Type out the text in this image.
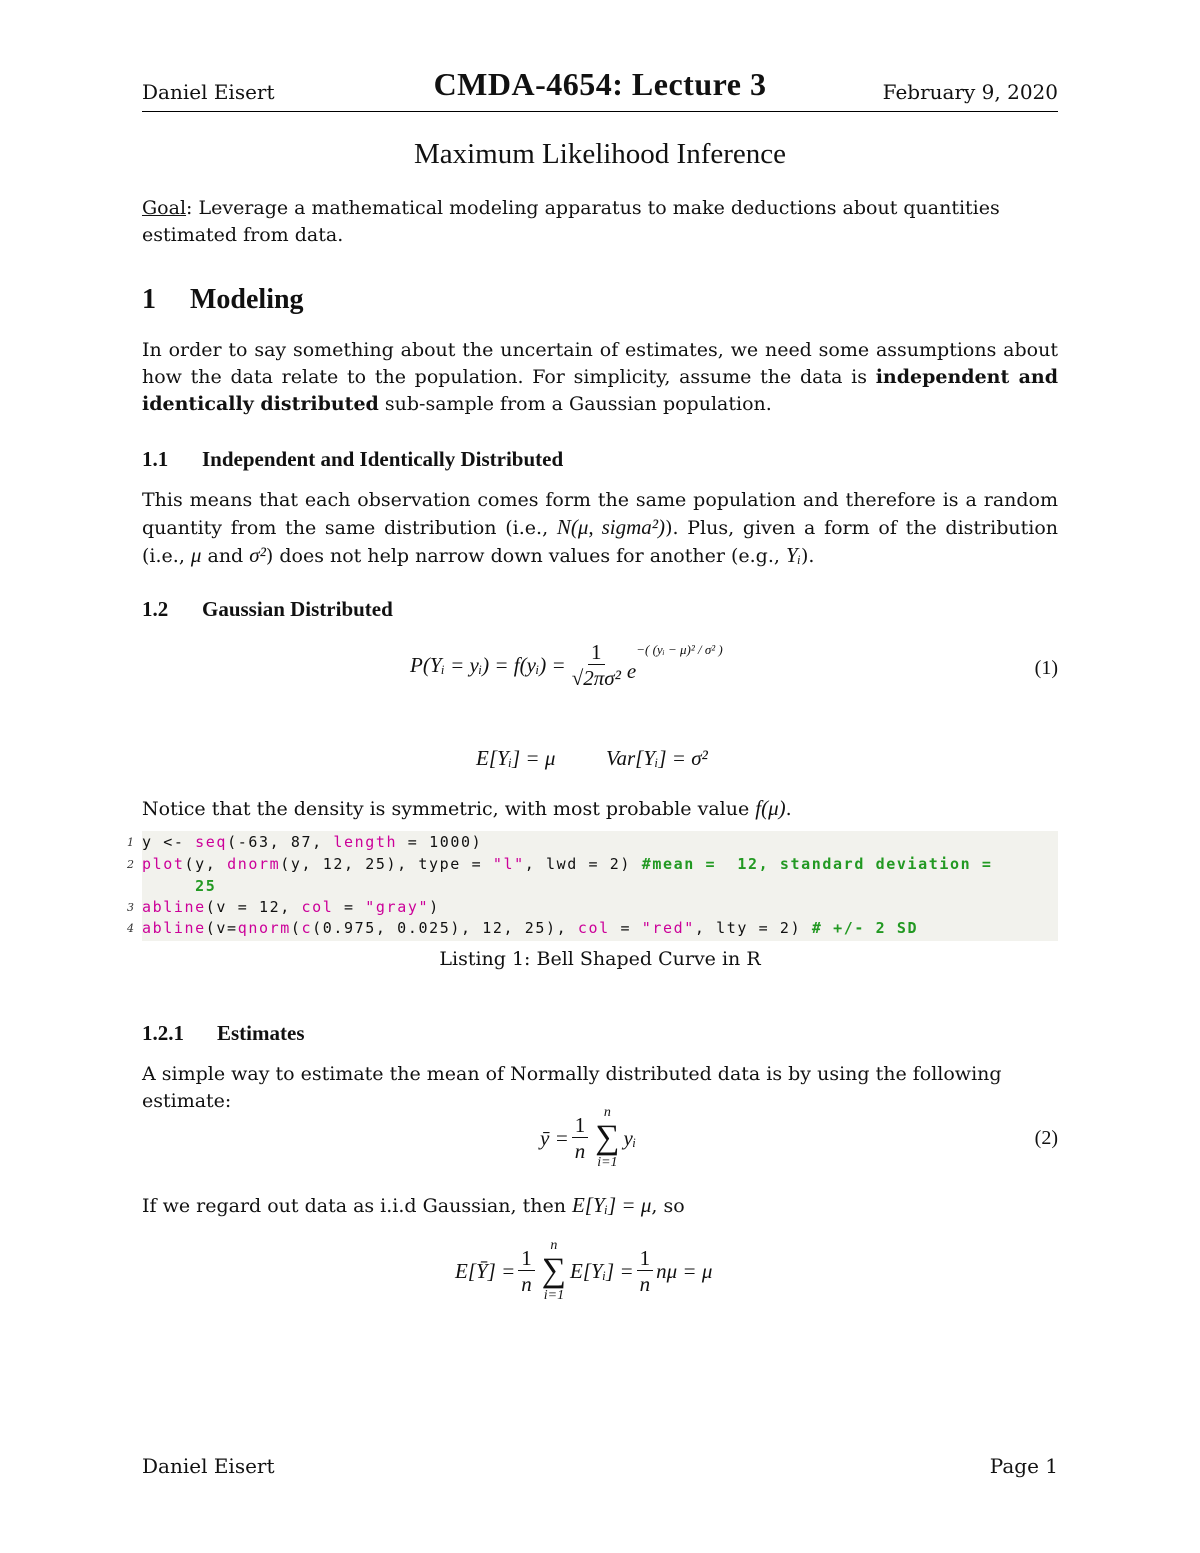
Daniel Eisert	CMDA-4654: Lecture 3	February 9, 2020
Maximum Likelihood Inference
Goal: Leverage a mathematical modeling apparatus to make deductions about quantities estimated from data.
1 Modeling
In order to say something about the uncertain of estimates, we need some assumptions about how the data relate to the population. For simplicity, assume the data is independent and identically distributed sub-sample from a Gaussian population.
1.1 Independent and Identically Distributed
This means that each observation comes form the same population and therefore is a random quantity from the same distribution (i.e., N(μ, sigma²)). Plus, given a form of the distribution (i.e., μ and σ²) does not help narrow down values for another (e.g., Yᵢ).
1.2 Gaussian Distributed
P(Yᵢ = yᵢ) = f(yᵢ) = $\frac{1}{\text{√2πσ²}}$ e
−( (yᵢ − μ)² / σ² )
(1)
E[Yᵢ] = μ Var[Yᵢ] = σ²
Notice that the density is symmetric, with most probable value f(μ).
1 y <- seq(-63, 87, length = 1000)
2 plot(y, dnorm(y, 12, 25), type = "l", lwd = 2) #mean =  12, standard deviation =
25
3 abline(v = 12, col = "gray")
4 abline(v=qnorm(c(0.975, 0.025), 12, 25), col = "red", lty = 2) # +/- 2 SD
Listing 1: Bell Shaped Curve in R
1.2.1 Estimates
A simple way to estimate the mean of Normally distributed data is by using the following estimate:
ȳ = $\frac{1}{n}$ n
∑
i=1
yᵢ	(2)
If we regard out data as i.i.d Gaussian, then E[Yᵢ] = μ, so
E[Ȳ] = $\frac{1}{n}$ n
∑
i=1
E[Yᵢ] = $\frac{1}{n}$ nμ = μ
Daniel Eisert	Page 1
